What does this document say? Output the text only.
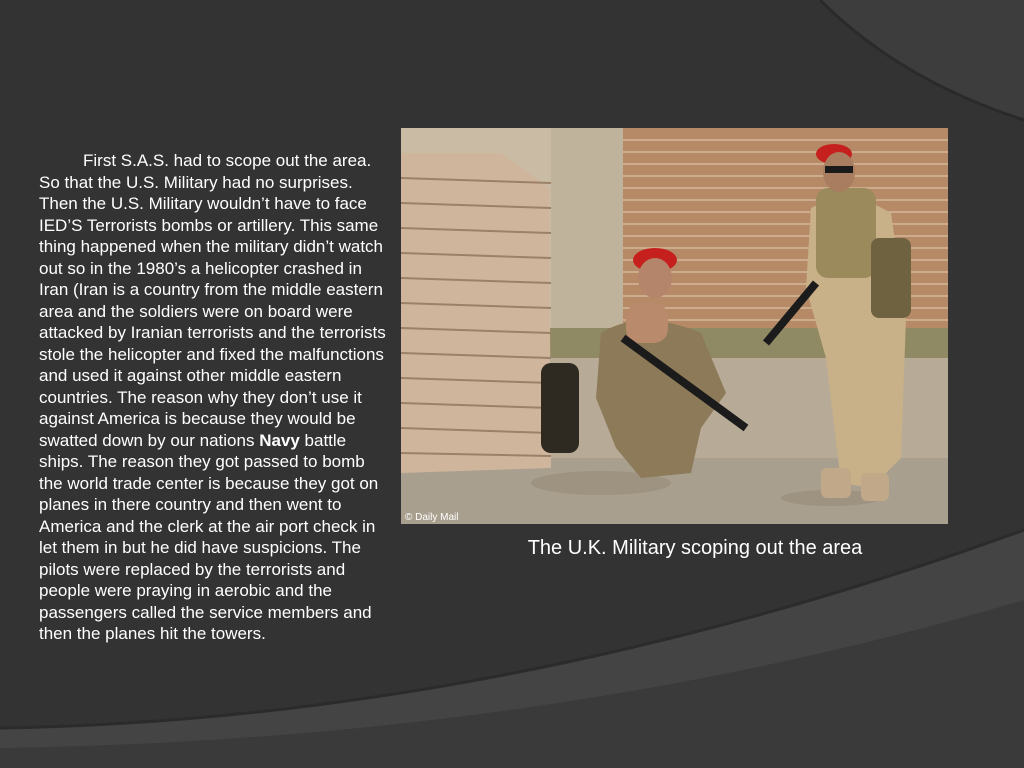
First S.A.S. had to scope out the area. So that the U.S. Military had no surprises. Then the U.S. Military wouldn’t have to face IED’S Terrorists bombs or artillery. This same thing happened when the military didn’t watch out so in the 1980’s a helicopter crashed in Iran (Iran is a country from the middle eastern area and the soldiers were on board were attacked by Iranian terrorists and the terrorists stole the helicopter and fixed the malfunctions and used it against other middle eastern countries. The reason why they don’t use it against America is because they would be swatted down by our nations Navy battle ships. The reason they got passed to bomb the world trade center is because they got on planes in there country and then went to America and the clerk at the air port check in let them in but he did have suspicions. The pilots were replaced by the terrorists and people were praying in aerobic and the passengers called the service members and then the planes hit the towers.
© Daily Mail
The U.K. Military scoping out the area
